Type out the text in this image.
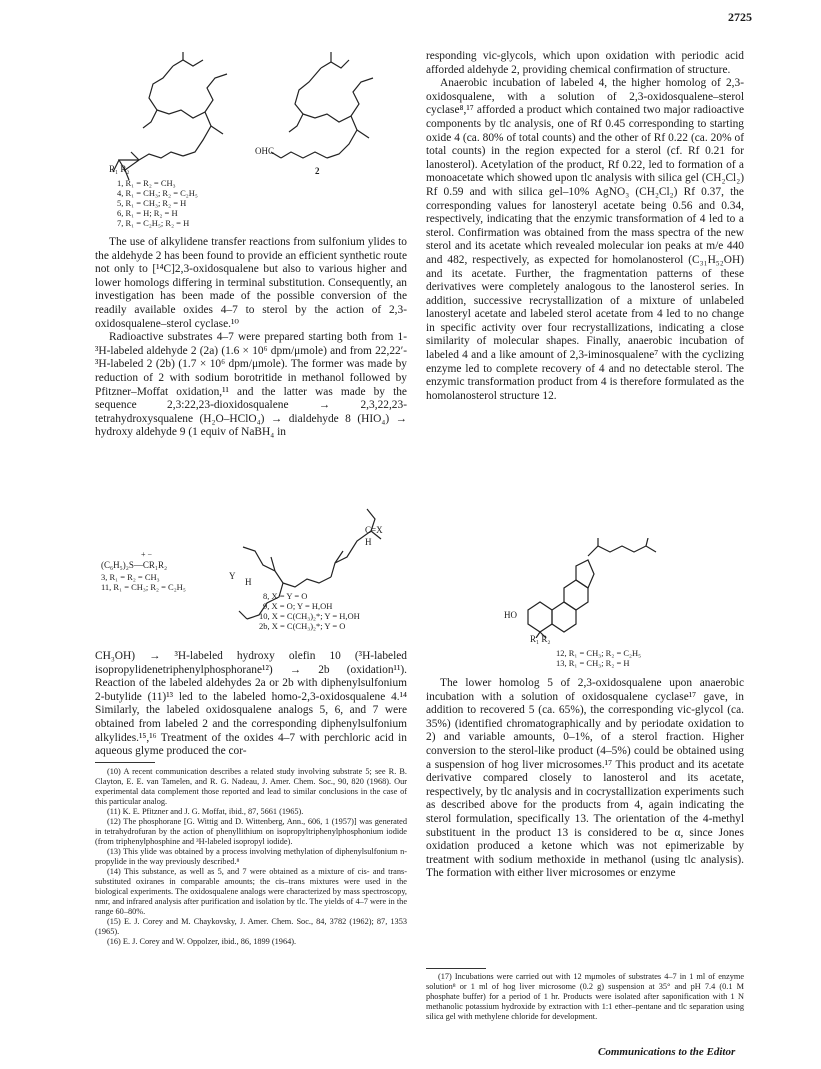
2725
R₁ R₂
OHC
2
1, R₁ = R₂ = CH₃
4, R₁ = CH₃; R₂ = C₂H₅
5, R₁ = CH₃; R₂ = H
6, R₁ = H; R₂ = H
7, R₁ = C₂H₅; R₂ = H

The use of alkylidene transfer reactions from sulfonium ylides to the aldehyde 2 has been found to provide an efficient synthetic route not only to [¹⁴C]2,3-oxidosqualene but also to various higher and lower homologs differing in terminal substitution. Consequently, an investigation has been made of the possible conversion of the readily available oxides 4–7 to sterol by the action of 2,3-oxidosqualene–sterol cyclase.¹⁰

Radioactive substrates 4–7 were prepared starting both from 1-³H-labeled aldehyde 2 (2a) (1.6 × 10⁶ dpm/μmole) and from 22,22′-³H-labeled 2 (2b) (1.7 × 10⁶ dpm/μmole). The former was made by reduction of 2 with sodium borotritide in methanol followed by Pfitzner–Moffat oxidation,¹¹ and the latter was made by the sequence 2,3:22,23-dioxidosqualene → 2,3,22,23-tetrahydroxysqualene (H₂O–HClO₄) → dialdehyde 8 (HIO₄) → hydroxy aldehyde 9 (1 equiv of NaBH₄ in

C=X
H
+ −
(C₆H₅)₂S—CR₁R₂
3, R₁ = R₂ = CH₃
11, R₁ = CH₃; R₂ = C₂H₅
Y
H
8, X = Y = O
9, X = O; Y = H,OH
10, X = C(CH₃)₂*; Y = H,OH
2b, X = C(CH₃)₂*; Y = O

CH₃OH) → ³H-labeled hydroxy olefin 10 (³H-labeled isopropylidenetriphenylphosphorane¹²) → 2b (oxidation¹¹). Reaction of the labeled aldehydes 2a or 2b with diphenylsulfonium 2-butylide (11)¹³ led to the labeled homo-2,3-oxidosqualene 4.¹⁴ Similarly, the labeled oxidosqualene analogs 5, 6, and 7 were obtained from labeled 2 and the corresponding diphenylsulfonium alkylides.¹⁵,¹⁶ Treatment of the oxides 4–7 with perchloric acid in aqueous glyme produced the cor-

(10) A recent communication describes a related study involving substrate 5; see R. B. Clayton, E. E. van Tamelen, and R. G. Nadeau, J. Amer. Chem. Soc., 90, 820 (1968). Our experimental data complement those reported and lead to similar conclusions in the case of this particular analog.
(11) K. E. Pfitzner and J. G. Moffat, ibid., 87, 5661 (1965).
(12) The phosphorane [G. Wittig and D. Wittenberg, Ann., 606, 1 (1957)] was generated in tetrahydrofuran by the action of phenyllithium on isopropyltriphenylphosphonium iodide (from triphenylphosphine and ³H-labeled isopropyl iodide).
(13) This ylide was obtained by a process involving methylation of diphenylsulfonium n-propylide in the way previously described.⁸
(14) This substance, as well as 5, and 7 were obtained as a mixture of cis- and trans-substituted oxiranes in comparable amounts; the cis–trans mixtures were used in the biological experiments. The oxidosqualene analogs were characterized by mass spectroscopy, nmr, and infrared analysis after purification and isolation by tlc. The yields of 4–7 were in the range 60–80%.
(15) E. J. Corey and M. Chaykovsky, J. Amer. Chem. Soc., 84, 3782 (1962); 87, 1353 (1965).
(16) E. J. Corey and W. Oppolzer, ibid., 86, 1899 (1964).

responding vic-glycols, which upon oxidation with periodic acid afforded aldehyde 2, providing chemical confirmation of structure.

Anaerobic incubation of labeled 4, the higher homolog of 2,3-oxidosqualene, with a solution of 2,3-oxidosqualene–sterol cyclase⁸,¹⁷ afforded a product which contained two major radioactive components by tlc analysis, one of Rf 0.45 corresponding to starting oxide 4 (ca. 80% of total counts) and the other of Rf 0.22 (ca. 20% of total counts) in the region expected for a sterol (cf. Rf 0.21 for lanosterol). Acetylation of the product, Rf 0.22, led to formation of a monoacetate which showed upon tlc analysis with silica gel (CH₂Cl₂) Rf 0.59 and with silica gel–10% AgNO₃ (CH₂Cl₂) Rf 0.37, the corresponding values for lanosteryl acetate being 0.56 and 0.34, respectively, indicating that the enzymic transformation of 4 led to a sterol. Confirmation was obtained from the mass spectra of the new sterol and its acetate which revealed molecular ion peaks at m/e 440 and 482, respectively, as expected for homolanosterol (C₃₁H₅₂OH) and its acetate. Further, the fragmentation patterns of these derivatives were completely analogous to the lanosterol series. In addition, successive recrystallization of a mixture of unlabeled lanosteryl acetate and labeled sterol acetate from 4 led to no change in specific activity over four recrystallizations, indicating a close similarity of molecular shapes. Finally, anaerobic incubation of labeled 4 and a like amount of 2,3-iminosqualene⁷ with the cyclizing enzyme led to complete recovery of 4 and no detectable sterol. The enzymic transformation product from 4 is therefore formulated as the homolanosterol structure 12.

HO
R₁ R₂
12, R₁ = CH₃; R₂ = C₂H₅
13, R₁ = CH₃; R₂ = H

The lower homolog 5 of 2,3-oxidosqualene upon anaerobic incubation with a solution of oxidosqualene cyclase¹⁷ gave, in addition to recovered 5 (ca. 65%), the corresponding vic-glycol (ca. 35%) (identified chromatographically and by periodate oxidation to 2) and variable amounts, 0–1%, of a sterol fraction. Higher conversion to the sterol-like product (4–5%) could be obtained using a suspension of hog liver microsomes.¹⁷ This product and its acetate derivative compared closely to lanosterol and its acetate, respectively, by tlc analysis and in cocrystallization experiments such as described above for the products from 4, again indicating the sterol formulation, specifically 13. The orientation of the 4-methyl substituent in the product 13 is considered to be α, since Jones oxidation produced a ketone which was not epimerizable by treatment with sodium methoxide in methanol (using tlc analysis). The formation with either liver microsomes or enzyme

(17) Incubations were carried out with 12 mμmoles of substrates 4–7 in 1 ml of enzyme solution⁸ or 1 ml of hog liver microsome (0.2 g) suspension at 35° and pH 7.4 (0.1 M phosphate buffer) for a period of 1 hr. Products were isolated after saponification with 1 N methanolic potassium hydroxide by extraction with 1:1 ether–pentane and tlc separation using silica gel with methylene chloride for development.
Communications to the Editor
